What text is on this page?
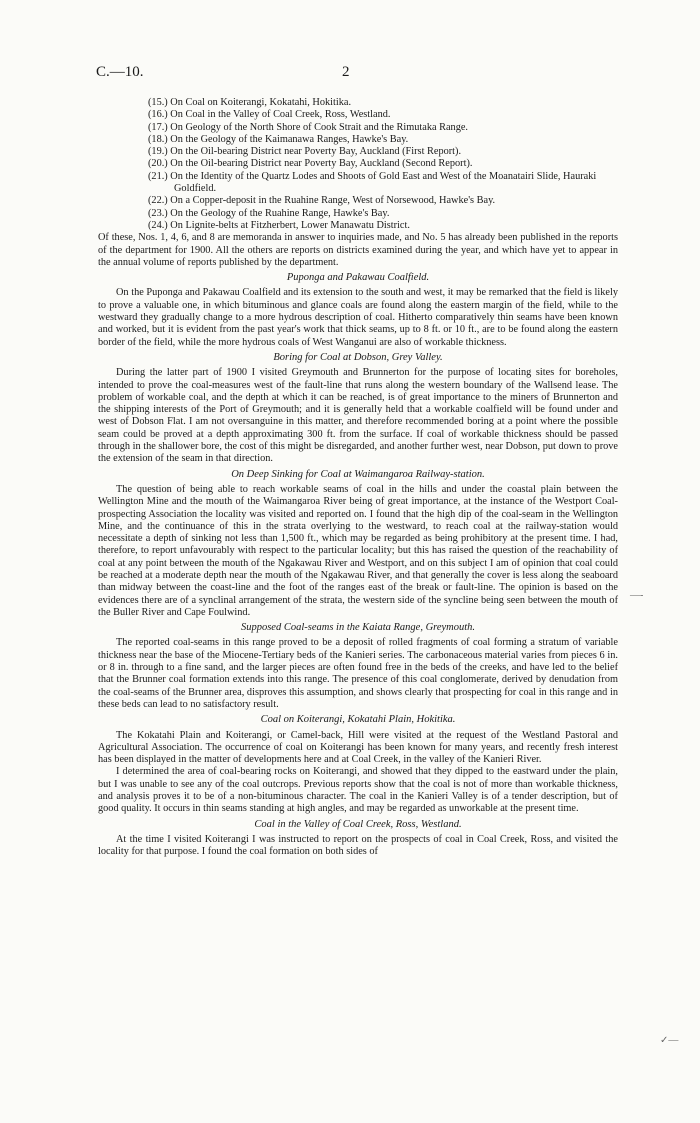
C.—10.	2
(15.) On Coal on Koiterangi, Kokatahi, Hokitika.
(16.) On Coal in the Valley of Coal Creek, Ross, Westland.
(17.) On Geology of the North Shore of Cook Strait and the Rimutaka Range.
(18.) On the Geology of the Kaimanawa Ranges, Hawke's Bay.
(19.) On the Oil-bearing District near Poverty Bay, Auckland (First Report).
(20.) On the Oil-bearing District near Poverty Bay, Auckland (Second Report).
(21.) On the Identity of the Quartz Lodes and Shoots of Gold East and West of the Moanatairi Slide, Hauraki Goldfield.
(22.) On a Copper-deposit in the Ruahine Range, West of Norsewood, Hawke's Bay.
(23.) On the Geology of the Ruahine Range, Hawke's Bay.
(24.) On Lignite-belts at Fitzherbert, Lower Manawatu District.

Of these, Nos. 1, 4, 6, and 8 are memoranda in answer to inquiries made, and No. 5 has already been published in the reports of the department for 1900. All the others are reports on districts examined during the year, and which have yet to appear in the annual volume of reports published by the department.

Puponga and Pakawau Coalfield.

On the Puponga and Pakawau Coalfield and its extension to the south and west, it may be remarked that the field is likely to prove a valuable one, in which bituminous and glance coals are found along the eastern margin of the field, while to the westward they gradually change to a more hydrous description of coal. Hitherto comparatively thin seams have been known and worked, but it is evident from the past year's work that thick seams, up to 8 ft. or 10 ft., are to be found along the eastern border of the field, while the more hydrous coals of West Wanganui are also of workable thickness.

Boring for Coal at Dobson, Grey Valley.

During the latter part of 1900 I visited Greymouth and Brunnerton for the purpose of locating sites for boreholes, intended to prove the coal-measures west of the fault-line that runs along the western boundary of the Wallsend lease. The problem of workable coal, and the depth at which it can be reached, is of great importance to the miners of Brunnerton and the shipping interests of the Port of Greymouth; and it is generally held that a workable coalfield will be found under and west of Dobson Flat. I am not oversanguine in this matter, and therefore recommended boring at a point where the possible seam could be proved at a depth approximating 300 ft. from the surface. If coal of workable thickness should be passed through in the shallower bore, the cost of this might be disregarded, and another further west, near Dobson, put down to prove the extension of the seam in that direction.

On Deep Sinking for Coal at Waimangaroa Railway-station.

The question of being able to reach workable seams of coal in the hills and under the coastal plain between the Wellington Mine and the mouth of the Waimangaroa River being of great importance, at the instance of the Westport Coal-prospecting Association the locality was visited and reported on. I found that the high dip of the coal-seam in the Wellington Mine, and the continuance of this in the strata overlying to the westward, to reach coal at the railway-station would necessitate a depth of sinking not less than 1,500 ft., which may be regarded as being prohibitory at the present time. I had, therefore, to report unfavourably with respect to the particular locality; but this has raised the question of the reachability of coal at any point between the mouth of the Ngakawau River and Westport, and on this subject I am of opinion that coal could be reached at a moderate depth near the mouth of the Ngakawau River, and that generally the cover is less along the seaboard than midway between the coast-line and the foot of the ranges east of the break or fault-line. The opinion is based on the evidences there are of a synclinal arrangement of the strata, the western side of the syncline being seen between the mouth of the Buller River and Cape Foulwind.

Supposed Coal-seams in the Kaiata Range, Greymouth.

The reported coal-seams in this range proved to be a deposit of rolled fragments of coal forming a stratum of variable thickness near the base of the Miocene-Tertiary beds of the Kanieri series. The carbonaceous material varies from pieces 6 in. or 8 in. through to a fine sand, and the larger pieces are often found free in the beds of the creeks, and have led to the belief that the Brunner coal formation extends into this range. The presence of this coal conglomerate, derived by denudation from the coal-seams of the Brunner area, disproves this assumption, and shows clearly that prospecting for coal in this range and in these beds can lead to no satisfactory result.

Coal on Koiterangi, Kokatahi Plain, Hokitika.

The Kokatahi Plain and Koiterangi, or Camel-back, Hill were visited at the request of the Westland Pastoral and Agricultural Association. The occurrence of coal on Koiterangi has been known for many years, and recently fresh interest has been displayed in the matter of developments here and at Coal Creek, in the valley of the Kanieri River.

I determined the area of coal-bearing rocks on Koiterangi, and showed that they dipped to the eastward under the plain, but I was unable to see any of the coal outcrops. Previous reports show that the coal is not of more than workable thickness, and analysis proves it to be of a non-bituminous character. The coal in the Kanieri Valley is of a tender description, but of good quality. It occurs in thin seams standing at high angles, and may be regarded as unworkable at the present time.

Coal in the Valley of Coal Creek, Ross, Westland.

At the time I visited Koiterangi I was instructed to report on the prospects of coal in Coal Creek, Ross, and visited the locality for that purpose. I found the coal formation on both sides of

—‐
✓—
